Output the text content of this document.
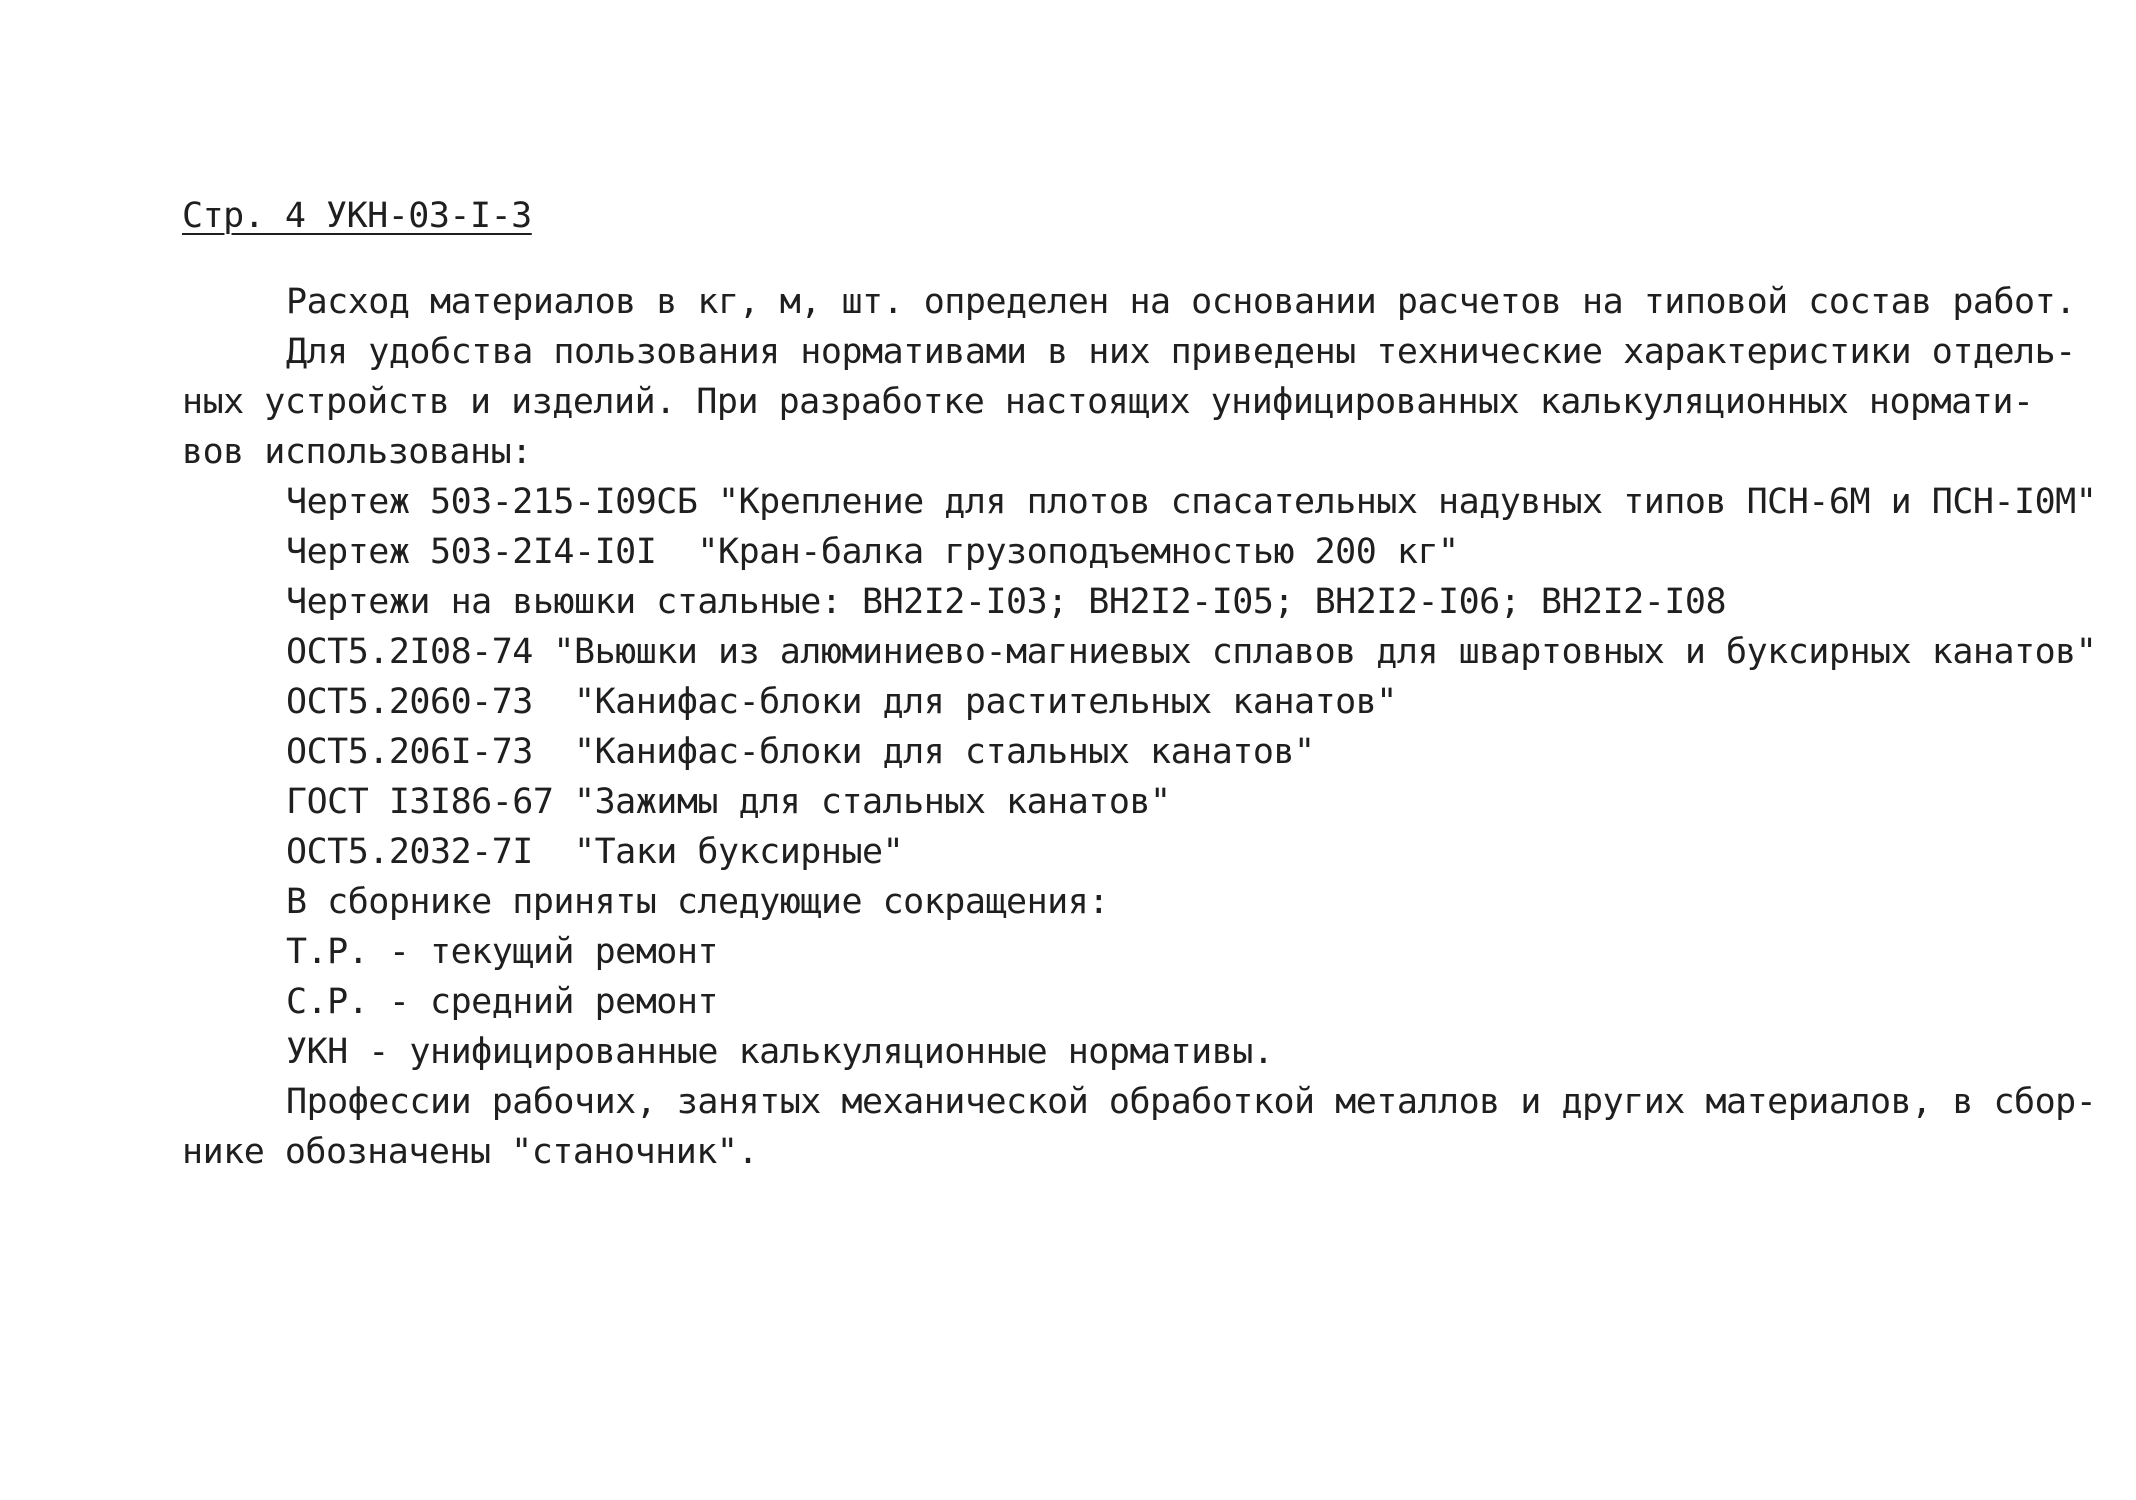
Стр. 4 УКН-03-I-3
Расход материалов в кг, м, шт. определен на основании расчетов на типовой состав работ.
Для удобства пользования нормативами в них приведены технические характеристики отдель-
ных устройств и изделий. При разработке настоящих унифицированных калькуляционных нормати-
вов использованы:
Чертеж 503-215-I09СБ "Крепление для плотов спасательных надувных типов ПСН-6М и ПСН-I0М"
Чертеж 503-2I4-I0I  "Кран-балка грузоподъемностью 200 кг"
Чертежи на вьюшки стальные: ВН2I2-I03; ВН2I2-I05; ВН2I2-I06; ВН2I2-I08
ОСТ5.2I08-74 "Вьюшки из алюминиево-магниевых сплавов для швартовных и буксирных канатов"
ОСТ5.2060-73  "Канифас-блоки для растительных канатов"
ОСТ5.206I-73  "Канифас-блоки для стальных канатов"
ГОСТ I3I86-67 "Зажимы для стальных канатов"
ОСТ5.2032-7I  "Таки буксирные"
В сборнике приняты следующие сокращения:
Т.Р. - текущий ремонт
С.Р. - средний ремонт
УКН - унифицированные калькуляционные нормативы.
Профессии рабочих, занятых механической обработкой металлов и других материалов, в сбор-
нике обозначены "станочник".
